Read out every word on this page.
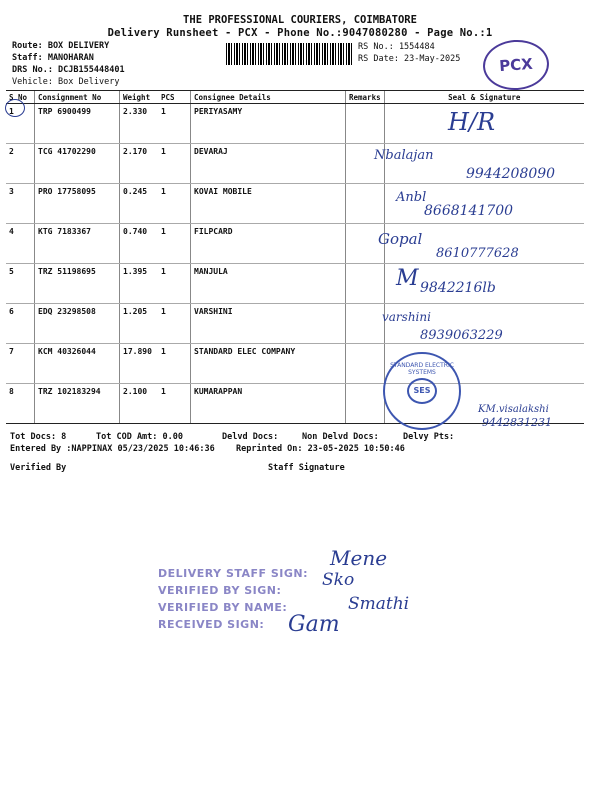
THE PROFESSIONAL COURIERS, COIMBATORE
Delivery Runsheet - PCX - Phone No.:9047080280 - Page No.:1
Route: BOX DELIVERY
Staff: MANOHARAN
DRS No.: DCJB155448401
Vehicle: Box Delivery
RS No.: 1554484
RS Date: 23-May-2025	PCX
S No	Consignment No	Weight	PCS	Consignee Details	Remarks	Seal & Signature
1	TRP 6900499	2.330	1	PERIYASAMY		
2	TCG 41702290	2.170	1	DEVARAJ		
3	PRO 17758095	0.245	1	KOVAI MOBILE		
4	KTG 7183367	0.740	1	FILPCARD		
5	TRZ 51198695	1.395	1	MANJULA		
6	EDQ 23298508	1.205	1	VARSHINI		
7	KCM 40326044	17.890	1	STANDARD ELEC COMPANY		
8	TRZ 102183294	2.100	1	KUMARAPPAN		
H/R
Nbalajan
9944208090
Anbl
8668141700
Gopal
8610777628
M 9842216lb
varshini
8939063229
STANDARD ELECTRIC SYSTEMS
SES
KM.visalakshi
9442831231
Tot Docs: 8	Tot COD Amt: 0.00	Delvd Docs:	Non Delvd Docs:	Delvy Pts:
Entered By :NAPPINAX 05/23/2025 10:46:36	Reprinted On: 23-05-2025 10:50:46
Verified By	Staff Signature
DELIVERY STAFF SIGN:
VERIFIED BY SIGN:
VERIFIED BY NAME:
RECEIVED SIGN:
Mene
Sko
Smathi
Gam
